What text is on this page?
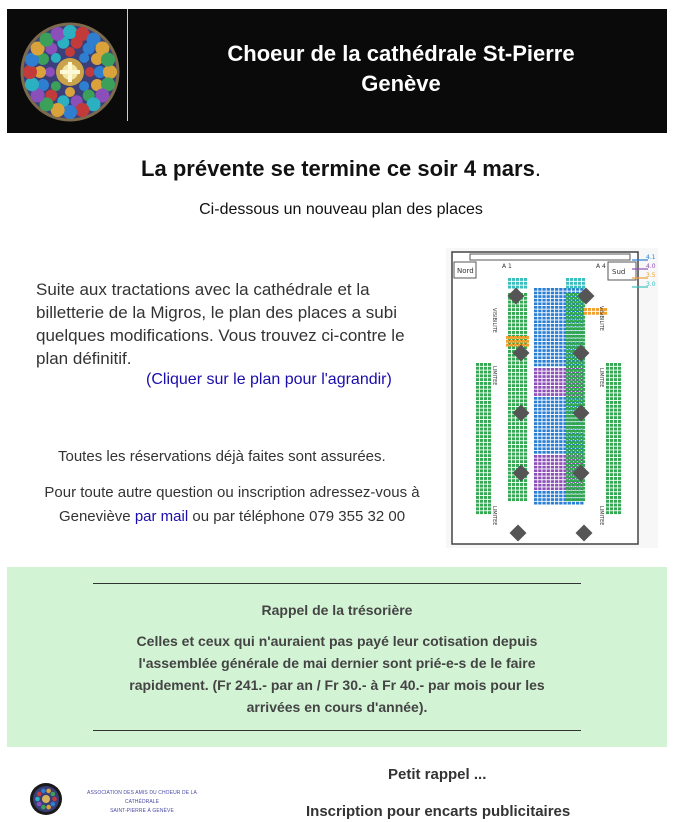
Choeur de la cathédrale St-Pierre
Genève
La prévente se termine ce soir 4 mars.
Ci-dessous un nouveau plan des places
Suite aux tractations avec la cathédrale et la billetterie de la Migros, le plan des places a subi quelques modifications. Vous trouvez ci-contre le plan définitif.
(Cliquer sur le plan pour l'agrandir)
Toutes les réservations déjà faites sont assurées.
Pour toute autre question ou inscription adressez-vous à Geneviève par mail ou par téléphone 079 355 32 00
Nord	Sud
A 1	A 4
4.1
4.0
3.5
3.0
VISIBILITE
LIMITEE
VISIBILITE
LIMITEE
LIMITEE	LIMITEE
Rappel de la trésorière
Celles et ceux qui n'auraient pas payé leur cotisation depuis l'assemblée générale de mai dernier sont prié-e-s de le faire rapidement. (Fr 241.- par an / Fr 30.- à Fr 40.- par mois pour les arrivées en cours d'année).
ASSOCIATION DES AMIS DU CHOEUR DE LA CATHÉDRALE
SAINT-PIERRE À GENÈVE
Petit rappel ...
Inscription pour encarts publicitaires
